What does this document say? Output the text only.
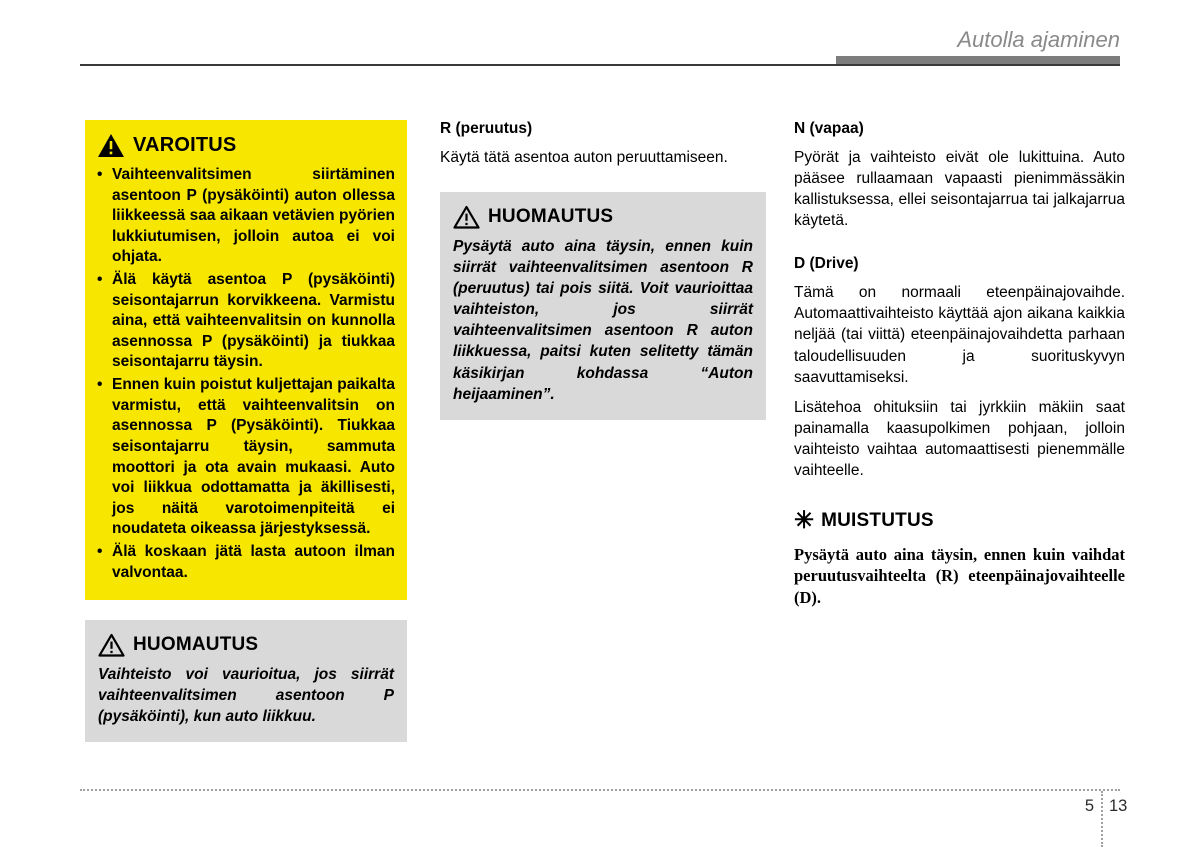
Autolla ajaminen
VAROITUS
• Vaihteenvalitsimen siirtäminen asentoon P (pysäköinti) auton ollessa liikkeessä saa aikaan vetävien pyörien lukkiutumisen, jolloin autoa ei voi ohjata.
• Älä käytä asentoa P (pysäköinti) seisontajarrun korvikkeena. Varmistu aina, että vaihteenvalitsin on kunnolla asennossa P (pysäköinti) ja tiukkaa seisontajarru täysin.
• Ennen kuin poistut kuljettajan paikalta varmistu, että vaihteenvalitsin on asennossa P (Pysäköinti). Tiukkaa seisontajarru täysin, sammuta moottori ja ota avain mukaasi. Auto voi liikkua odottamatta ja äkillisesti, jos näitä varotoimenpiteitä ei noudateta oikeassa järjestyksessä.
• Älä koskaan jätä lasta autoon ilman valvontaa.
HUOMAUTUS
Vaihteisto voi vaurioitua, jos siirrät vaihteenvalitsimen asentoon P (pysäköinti), kun auto liikkuu.
R (peruutus)
Käytä tätä asentoa auton peruuttamiseen.
HUOMAUTUS
Pysäytä auto aina täysin, ennen kuin siirrät vaihteenvalitsimen asentoon R (peruutus) tai pois siitä. Voit vaurioittaa vaihteiston, jos siirrät vaihteenvalitsimen asentoon R auton liikkuessa, paitsi kuten selitetty tämän käsikirjan kohdassa “Auton heijaaminen”.
N (vapaa)
Pyörät ja vaihteisto eivät ole lukittuina. Auto pääsee rullaamaan vapaasti pienimmässäkin kallistuksessa, ellei seisontajarrua tai jalkajarrua käytetä.
D (Drive)
Tämä on normaali eteenpäinajovaihde. Automaattivaihteisto käyttää ajon aikana kaikkia neljää (tai viittä) eteenpäinajovaihdetta parhaan taloudellisuuden ja suorituskyvyn saavuttamiseksi.
Lisätehoa ohituksiin tai jyrkkiin mäkiin saat painamalla kaasupolkimen pohjaan, jolloin vaihteisto vaihtaa automaattisesti pienemmälle vaihteelle.
✳ MUISTUTUS
Pysäytä auto aina täysin, ennen kuin vaihdat peruutusvaihteelta (R) eteenpäinajovaihteelle (D).
5 13
